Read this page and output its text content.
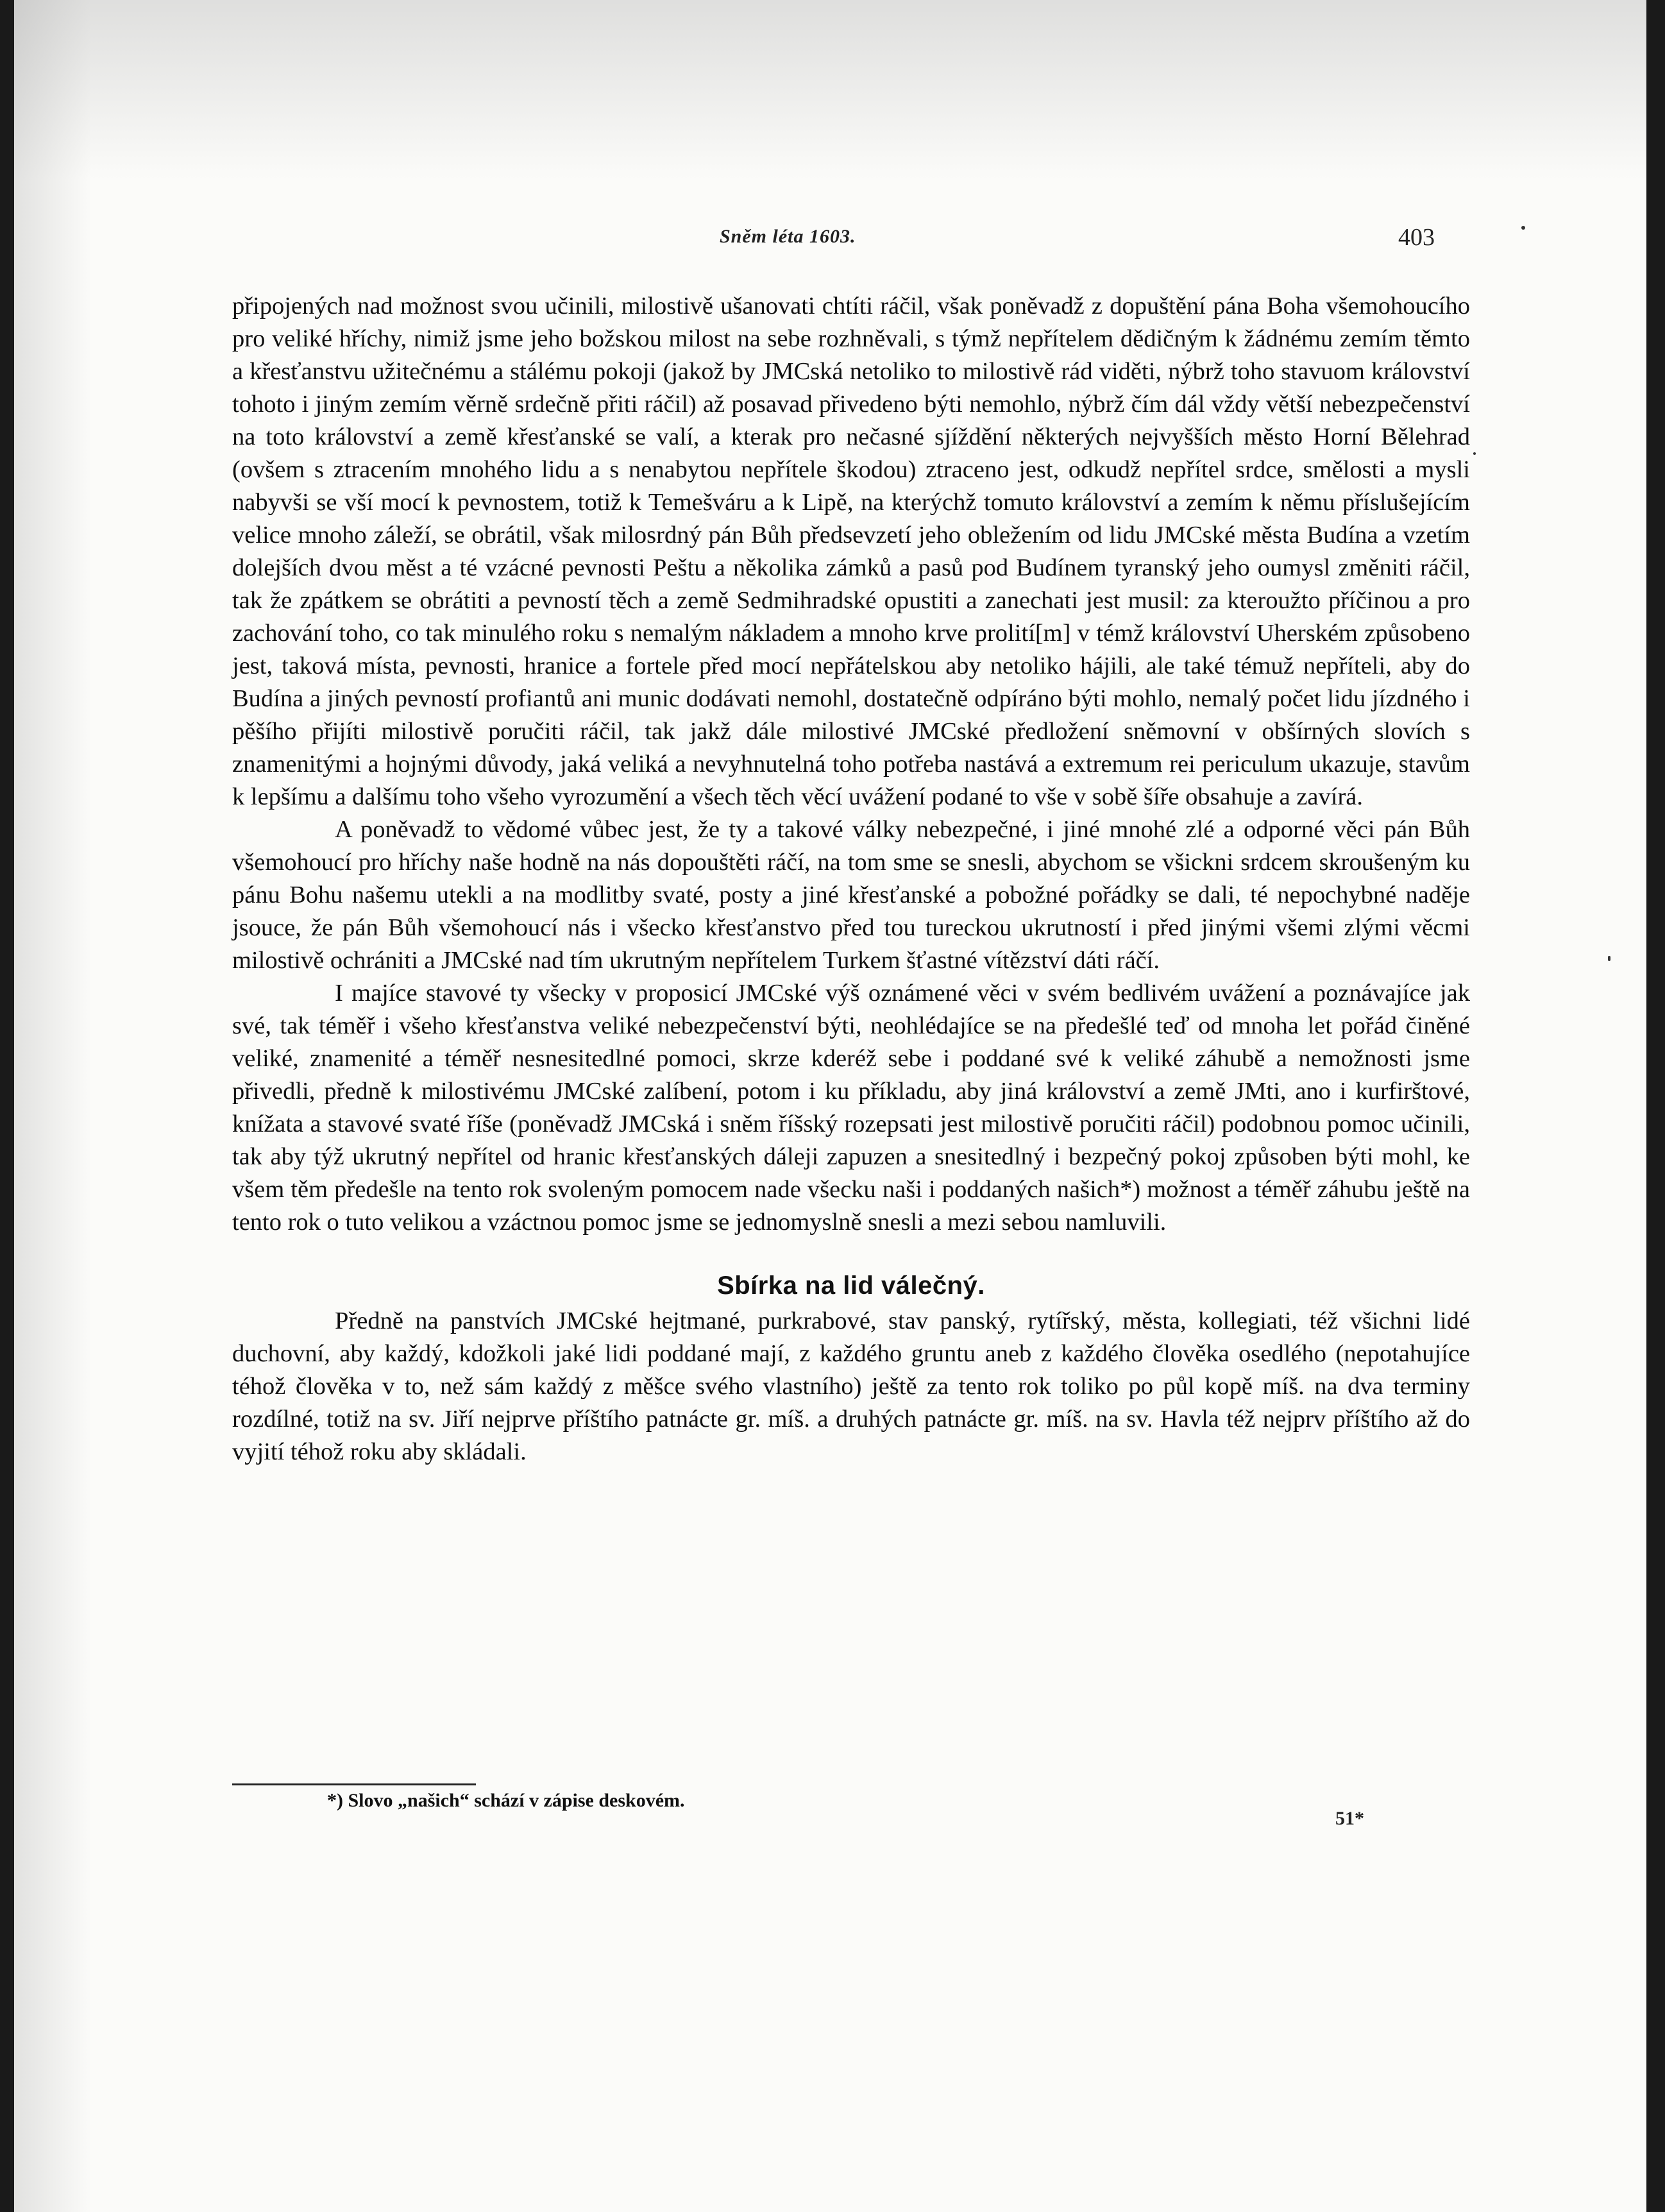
Sněm léta 1603.	403

připojených nad možnost svou učinili, milostivě ušanovati chtíti ráčil, však poněvadž z dopuštění pána Boha všemohoucího pro veliké hříchy, nimiž jsme jeho božskou milost na sebe rozhněvali, s týmž nepřítelem dědičným k žádnému zemím těmto a křesťanstvu užitečnému a stálému pokoji (jakož by JMCská netoliko to milostivě rád viděti, nýbrž toho stavuom království tohoto i jiným zemím věrně srdečně přiti ráčil) až posavad přivedeno býti nemohlo, nýbrž čím dál vždy větší nebezpečenství na toto království a země křesťanské se valí, a kterak pro nečasné sjíždění některých nejvyšších město Horní Bělehrad (ovšem s ztracením mnohého lidu a s nenabytou nepřítele škodou) ztraceno jest, odkudž nepřítel srdce, smělosti a mysli nabyvši se vší mocí k pevnostem, totiž k Temešváru a k Lipě, na kterýchž tomuto království a zemím k němu příslušejícím velice mnoho záleží, se obrátil, však milosrdný pán Bůh předsevzetí jeho obležením od lidu JMCské města Budína a vzetím dolejších dvou měst a té vzácné pevnosti Peštu a několika zámků a pasů pod Budínem tyranský jeho oumysl změniti ráčil, tak že zpátkem se obrátiti a pevností těch a země Sedmihradské opustiti a zanechati jest musil: za kteroužto příčinou a pro zachování toho, co tak minulého roku s nemalým nákladem a mnoho krve prolití[m] v témž království Uherském způsobeno jest, taková místa, pevnosti, hranice a fortele před mocí nepřátelskou aby netoliko hájili, ale také témuž nepříteli, aby do Budína a jiných pevností profiantů ani munic dodávati nemohl, dostatečně odpíráno býti mohlo, nemalý počet lidu jízdného i pěšího přijíti milostivě poručiti ráčil, tak jakž dále milostivé JMCské předložení sněmovní v obšírných slovích s znamenitými a hojnými důvody, jaká veliká a nevyhnutelná toho potřeba nastává a extremum rei periculum ukazuje, stavům k lepšímu a dalšímu toho všeho vyrozumění a všech těch věcí uvážení podané to vše v sobě šíře obsahuje a zavírá.

A poněvadž to vědomé vůbec jest, že ty a takové války nebezpečné, i jiné mnohé zlé a odporné věci pán Bůh všemohoucí pro hříchy naše hodně na nás dopouštěti ráčí, na tom sme se snesli, abychom se všickni srdcem skroušeným ku pánu Bohu našemu utekli a na modlitby svaté, posty a jiné křesťanské a pobožné pořádky se dali, té nepochybné naděje jsouce, že pán Bůh všemohoucí nás i všecko křesťanstvo před tou tureckou ukrutností i před jinými všemi zlými věcmi milostivě ochrániti a JMCské nad tím ukrutným nepřítelem Turkem šťastné vítězství dáti ráčí.

I majíce stavové ty všecky v proposicí JMCské výš oznámené věci v svém bedlivém uvážení a poznávajíce jak své, tak téměř i všeho křesťanstva veliké nebezpečenství býti, neohlédajíce se na předešlé teď od mnoha let pořád činěné veliké, znamenité a téměř nesnesitedlné pomoci, skrze kderéž sebe i poddané své k veliké záhubě a nemožnosti jsme přivedli, předně k milostivému JMCské zalíbení, potom i ku příkladu, aby jiná království a země JMti, ano i kurfirštové, knížata a stavové svaté říše (poněvadž JMCská i sněm říšský rozepsati jest milostivě poručiti ráčil) podobnou pomoc učinili, tak aby týž ukrutný nepřítel od hranic křesťanských dáleji zapuzen a snesitedlný i bezpečný pokoj způsoben býti mohl, ke všem těm předešle na tento rok svoleným pomocem nade všecku naši i poddaných našich*) možnost a téměř záhubu ještě na tento rok o tuto velikou a vzáctnou pomoc jsme se jednomyslně snesli a mezi sebou namluvili.

Sbírka na lid válečný.

Předně na panstvích JMCské hejtmané, purkrabové, stav panský, rytířský, města, kollegiati, též všichni lidé duchovní, aby každý, kdožkoli jaké lidi poddané mají, z každého gruntu aneb z každého člověka osedlého (nepotahujíce téhož člověka v to, než sám každý z měšce svého vlastního) ještě za tento rok toliko po půl kopě míš. na dva terminy rozdílné, totiž na sv. Jiří nejprve příštího patnácte gr. míš. a druhých patnácte gr. míš. na sv. Havla též nejprv příštího až do vyjití téhož roku aby skládali.

*) Slovo „našich“ schází v zápise deskovém.
51*
